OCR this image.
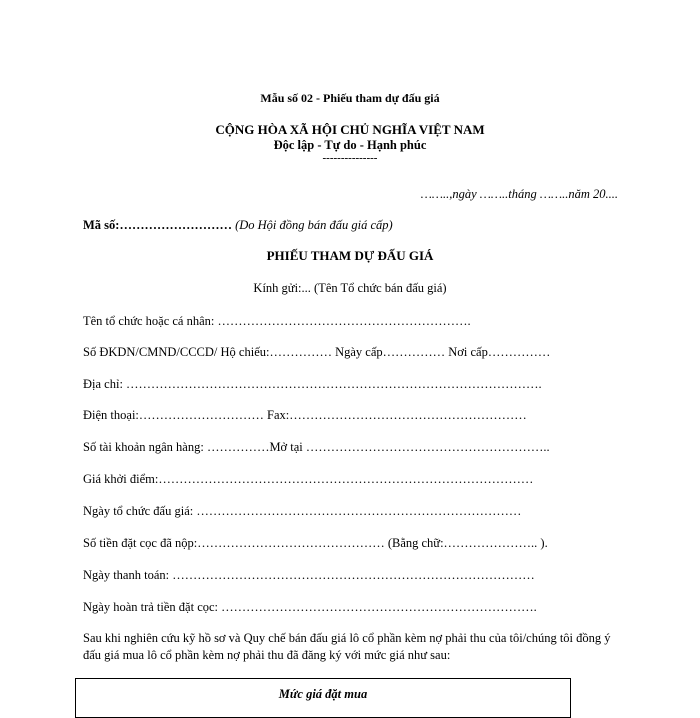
Mẫu số 02 - Phiếu tham dự đấu giá
CỘNG HÒA XÃ HỘI CHỦ NGHĨA VIỆT NAM
Độc lập - Tự do - Hạnh phúc
---------------
……..,ngày ……..tháng ……..năm 20....
Mã số:……………………… (Do Hội đồng bán đấu giá cấp)
PHIẾU THAM DỰ ĐẤU GIÁ
Kính gửi:... (Tên Tổ chức bán đấu giá)
Tên tổ chức hoặc cá nhân: …………………………………………………….
Số ĐKDN/CMND/CCCD/ Hộ chiếu:…………… Ngày cấp…………… Nơi cấp……………
Địa chỉ: ……………………………………………………………………………………….
Điện thoại:………………………… Fax:…………………………………………………
Số tài khoản ngân hàng: ……………Mở tại …………………………………………………..
Giá khởi điểm:………………………………………………………………………………
Ngày tổ chức đấu giá: ……………………………………………………………………
Số tiền đặt cọc đã nộp:……………………………………… (Bằng chữ:………………….. ).
Ngày thanh toán: ……………………………………………………………………………
Ngày hoàn trả tiền đặt cọc: ………………………………………………………………….
Sau khi nghiên cứu kỹ hồ sơ và Quy chế bán đấu giá lô cổ phần kèm nợ phải thu của tôi/chúng tôi đồng ý đấu giá mua lô cổ phần kèm nợ phải thu đã đăng ký với mức giá như sau:
Mức giá đặt mua
